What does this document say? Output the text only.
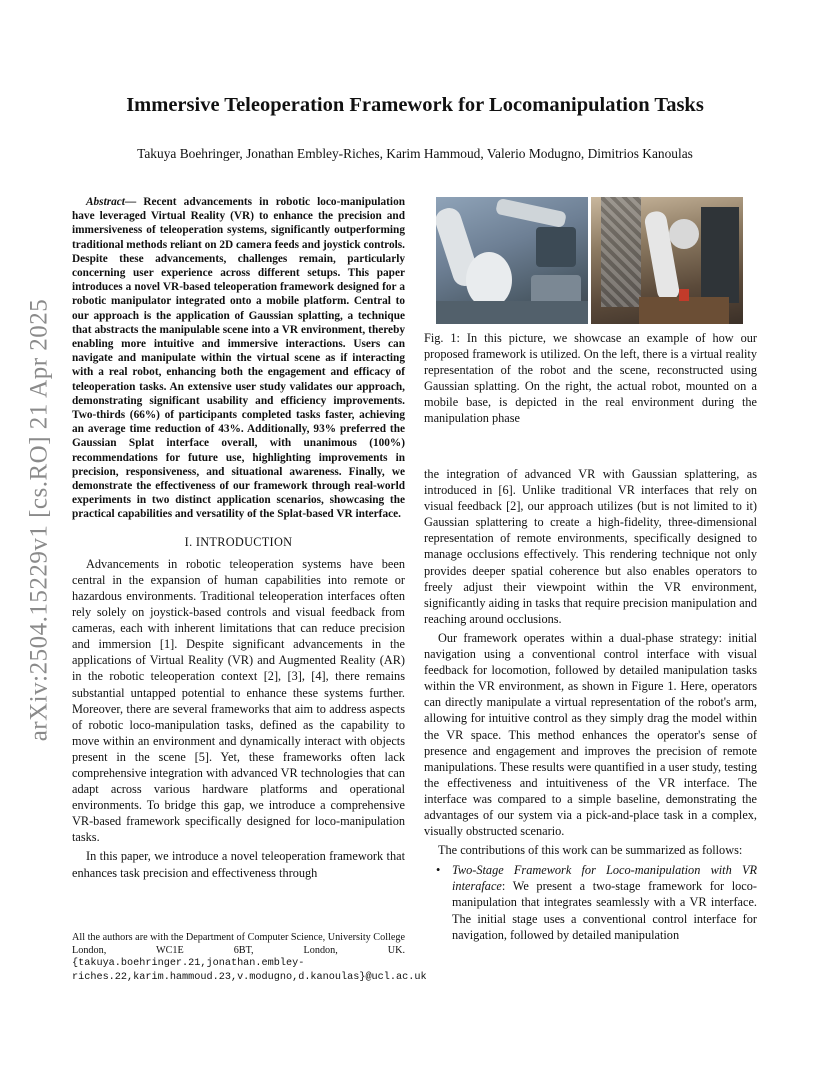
arXiv:2504.15229v1 [cs.RO] 21 Apr 2025
Immersive Teleoperation Framework for Locomanipulation Tasks

Takuya Boehringer, Jonathan Embley-Riches, Karim Hammoud, Valerio Modugno, Dimitrios Kanoulas

Abstract— Recent advancements in robotic loco-manipulation have leveraged Virtual Reality (VR) to enhance the precision and immersiveness of teleoperation systems, significantly outperforming traditional methods reliant on 2D camera feeds and joystick controls. Despite these advancements, challenges remain, particularly concerning user experience across different setups. This paper introduces a novel VR-based teleoperation framework designed for a robotic manipulator integrated onto a mobile platform. Central to our approach is the application of Gaussian splatting, a technique that abstracts the manipulable scene into a VR environment, thereby enabling more intuitive and immersive interactions. Users can navigate and manipulate within the virtual scene as if interacting with a real robot, enhancing both the engagement and efficacy of teleoperation tasks. An extensive user study validates our approach, demonstrating significant usability and efficiency improvements. Two-thirds (66%) of participants completed tasks faster, achieving an average time reduction of 43%. Additionally, 93% preferred the Gaussian Splat interface overall, with unanimous (100%) recommendations for future use, highlighting improvements in precision, responsiveness, and situational awareness. Finally, we demonstrate the effectiveness of our framework through real-world experiments in two distinct application scenarios, showcasing the practical capabilities and versatility of the Splat-based VR interface.

I. INTRODUCTION

Advancements in robotic teleoperation systems have been central in the expansion of human capabilities into remote or hazardous environments. Traditional teleoperation interfaces often rely solely on joystick-based controls and visual feedback from cameras, each with inherent limitations that can reduce precision and immersion [1]. Despite significant advancements in the applications of Virtual Reality (VR) and Augmented Reality (AR) in the robotic teleoperation context [2], [3], [4], there remains substantial untapped potential to enhance these systems further. Moreover, there are several frameworks that aim to address aspects of robotic loco-manipulation tasks, defined as the capability to move within an environment and dynamically interact with objects present in the scene [5]. Yet, these frameworks often lack comprehensive integration with advanced VR technologies that can adapt across various hardware platforms and operational environments. To bridge this gap, we introduce a comprehensive VR-based framework specifically designed for loco-manipulation tasks.

In this paper, we introduce a novel teleoperation framework that enhances task precision and effectiveness through

All the authors are with the Department of Computer Science, University College London, WC1E 6BT, London, UK. {takuya.boehringer.21,jonathan.embley-riches.22,karim.hammoud.23,v.modugno,d.kanoulas}@ucl.ac.uk

Fig. 1: In this picture, we showcase an example of how our proposed framework is utilized. On the left, there is a virtual reality representation of the robot and the scene, reconstructed using Gaussian splatting. On the right, the actual robot, mounted on a mobile base, is depicted in the real environment during the manipulation phase

the integration of advanced VR with Gaussian splattering, as introduced in [6]. Unlike traditional VR interfaces that rely on visual feedback [2], our approach utilizes (but is not limited to it) Gaussian splattering to create a high-fidelity, three-dimensional representation of remote environments, specifically designed to manage occlusions effectively. This rendering technique not only provides deeper spatial coherence but also enables operators to freely adjust their viewpoint within the VR environment, significantly aiding in tasks that require precision manipulation and reaching around occlusions.

Our framework operates within a dual-phase strategy: initial navigation using a conventional control interface with visual feedback for locomotion, followed by detailed manipulation tasks within the VR environment, as shown in Figure 1. Here, operators can directly manipulate a virtual representation of the robot's arm, allowing for intuitive control as they simply drag the model within the VR space. This method enhances the operator's sense of presence and engagement and improves the precision of remote manipulations. These results were quantified in a user study, testing the effectiveness and intuitiveness of the VR interface. The interface was compared to a simple baseline, demonstrating the advantages of our system via a pick-and-place task in a complex, visually obstructed scenario.

The contributions of this work can be summarized as follows:

• Two-Stage Framework for Loco-manipulation with VR interaface: We present a two-stage framework for loco-manipulation that integrates seamlessly with a VR interface. The initial stage uses a conventional control interface for navigation, followed by detailed manipulation
